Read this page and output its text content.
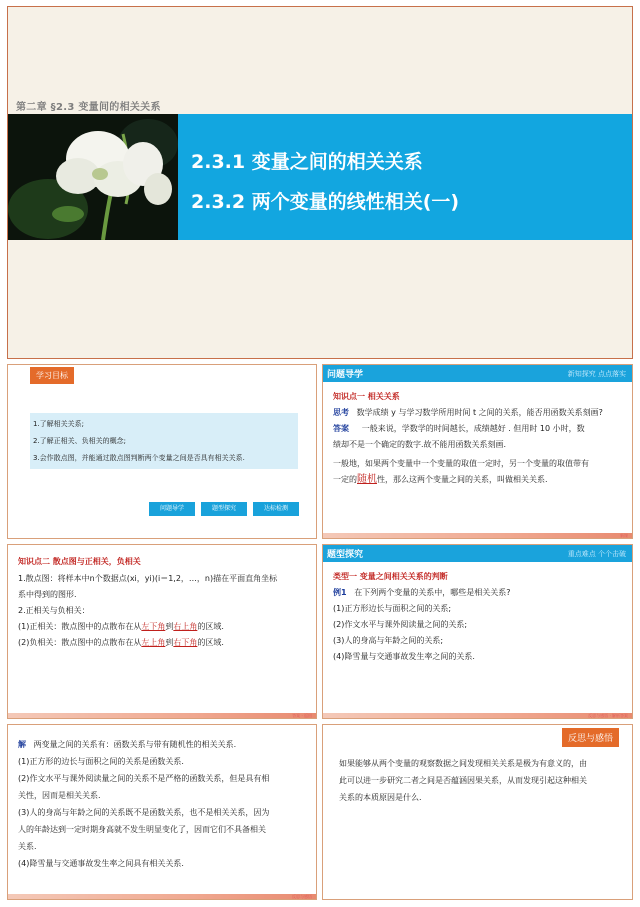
第二章 §2.3 变量间的相关关系
2.3.1 变量之间的相关关系
2.3.2 两个变量的线性相关(一)
学习目标
1.了解相关关系;
2.了解正相关、负相关的概念;
3.会作散点图，并能通过散点图判断两个变量之间是否具有相关关系.
问题导学	题型探究	达标检测
问题导学	新知探究 点点落实
知识点一 相关关系
思考 数学成绩 y 与学习数学所用时间 t 之间的关系，能否用函数关系刻画?
答案 一般来说，学数学的时间越长，成绩越好 . 但用时 10 小时，数
绩却不是一个确定的数字.故不能用函数关系刻画.
一般地，如果两个变量中一个变量的取值一定时，另一个变量的取值带有
一定的随机性，那么这两个变量之间的关系，叫做相关关系.
新课
知识点二 散点图与正相关，负相关
1.散点图：将样本中n个数据点(xi，yi)(i＝1,2，…，n)描在平面直角坐标
系中得到的图形.
2.正相关与负相关：
(1)正相关：散点图中的点散布在从左下角到右上角的区域.
(2)负相关：散点图中的点散布在从左上角到右下角的区域.
答案 · 返回
题型探究	重点难点 个个击破
类型一 变量之间相关关系的判断
例1 在下列两个变量的关系中，哪些是相关关系?
(1)正方形边长与面积之间的关系;
(2)作文水平与课外阅读量之间的关系;
(3)人的身高与年龄之间的关系;
(4)降雪量与交通事故发生率之间的关系.
反思与感悟 · 解析答案
解 两变量之间的关系有：函数关系与带有随机性的相关关系.
(1)正方形的边长与面积之间的关系是函数关系.
(2)作文水平与课外阅读量之间的关系不是严格的函数关系，但是具有相
关性，因而是相关关系.
(3)人的身高与年龄之间的关系既不是函数关系，也不是相关关系，因为
人的年龄达到一定时期身高就不发生明显变化了，因而它们不具备相关
关系.
(4)降雪量与交通事故发生率之间具有相关关系.
反思与感悟
反思与感悟
如果能够从两个变量的观察数据之间发现相关关系是极为有意义的，由
此可以进一步研究二者之间是否蕴涵因果关系，从而发现引起这种相关
关系的本质原因是什么.
